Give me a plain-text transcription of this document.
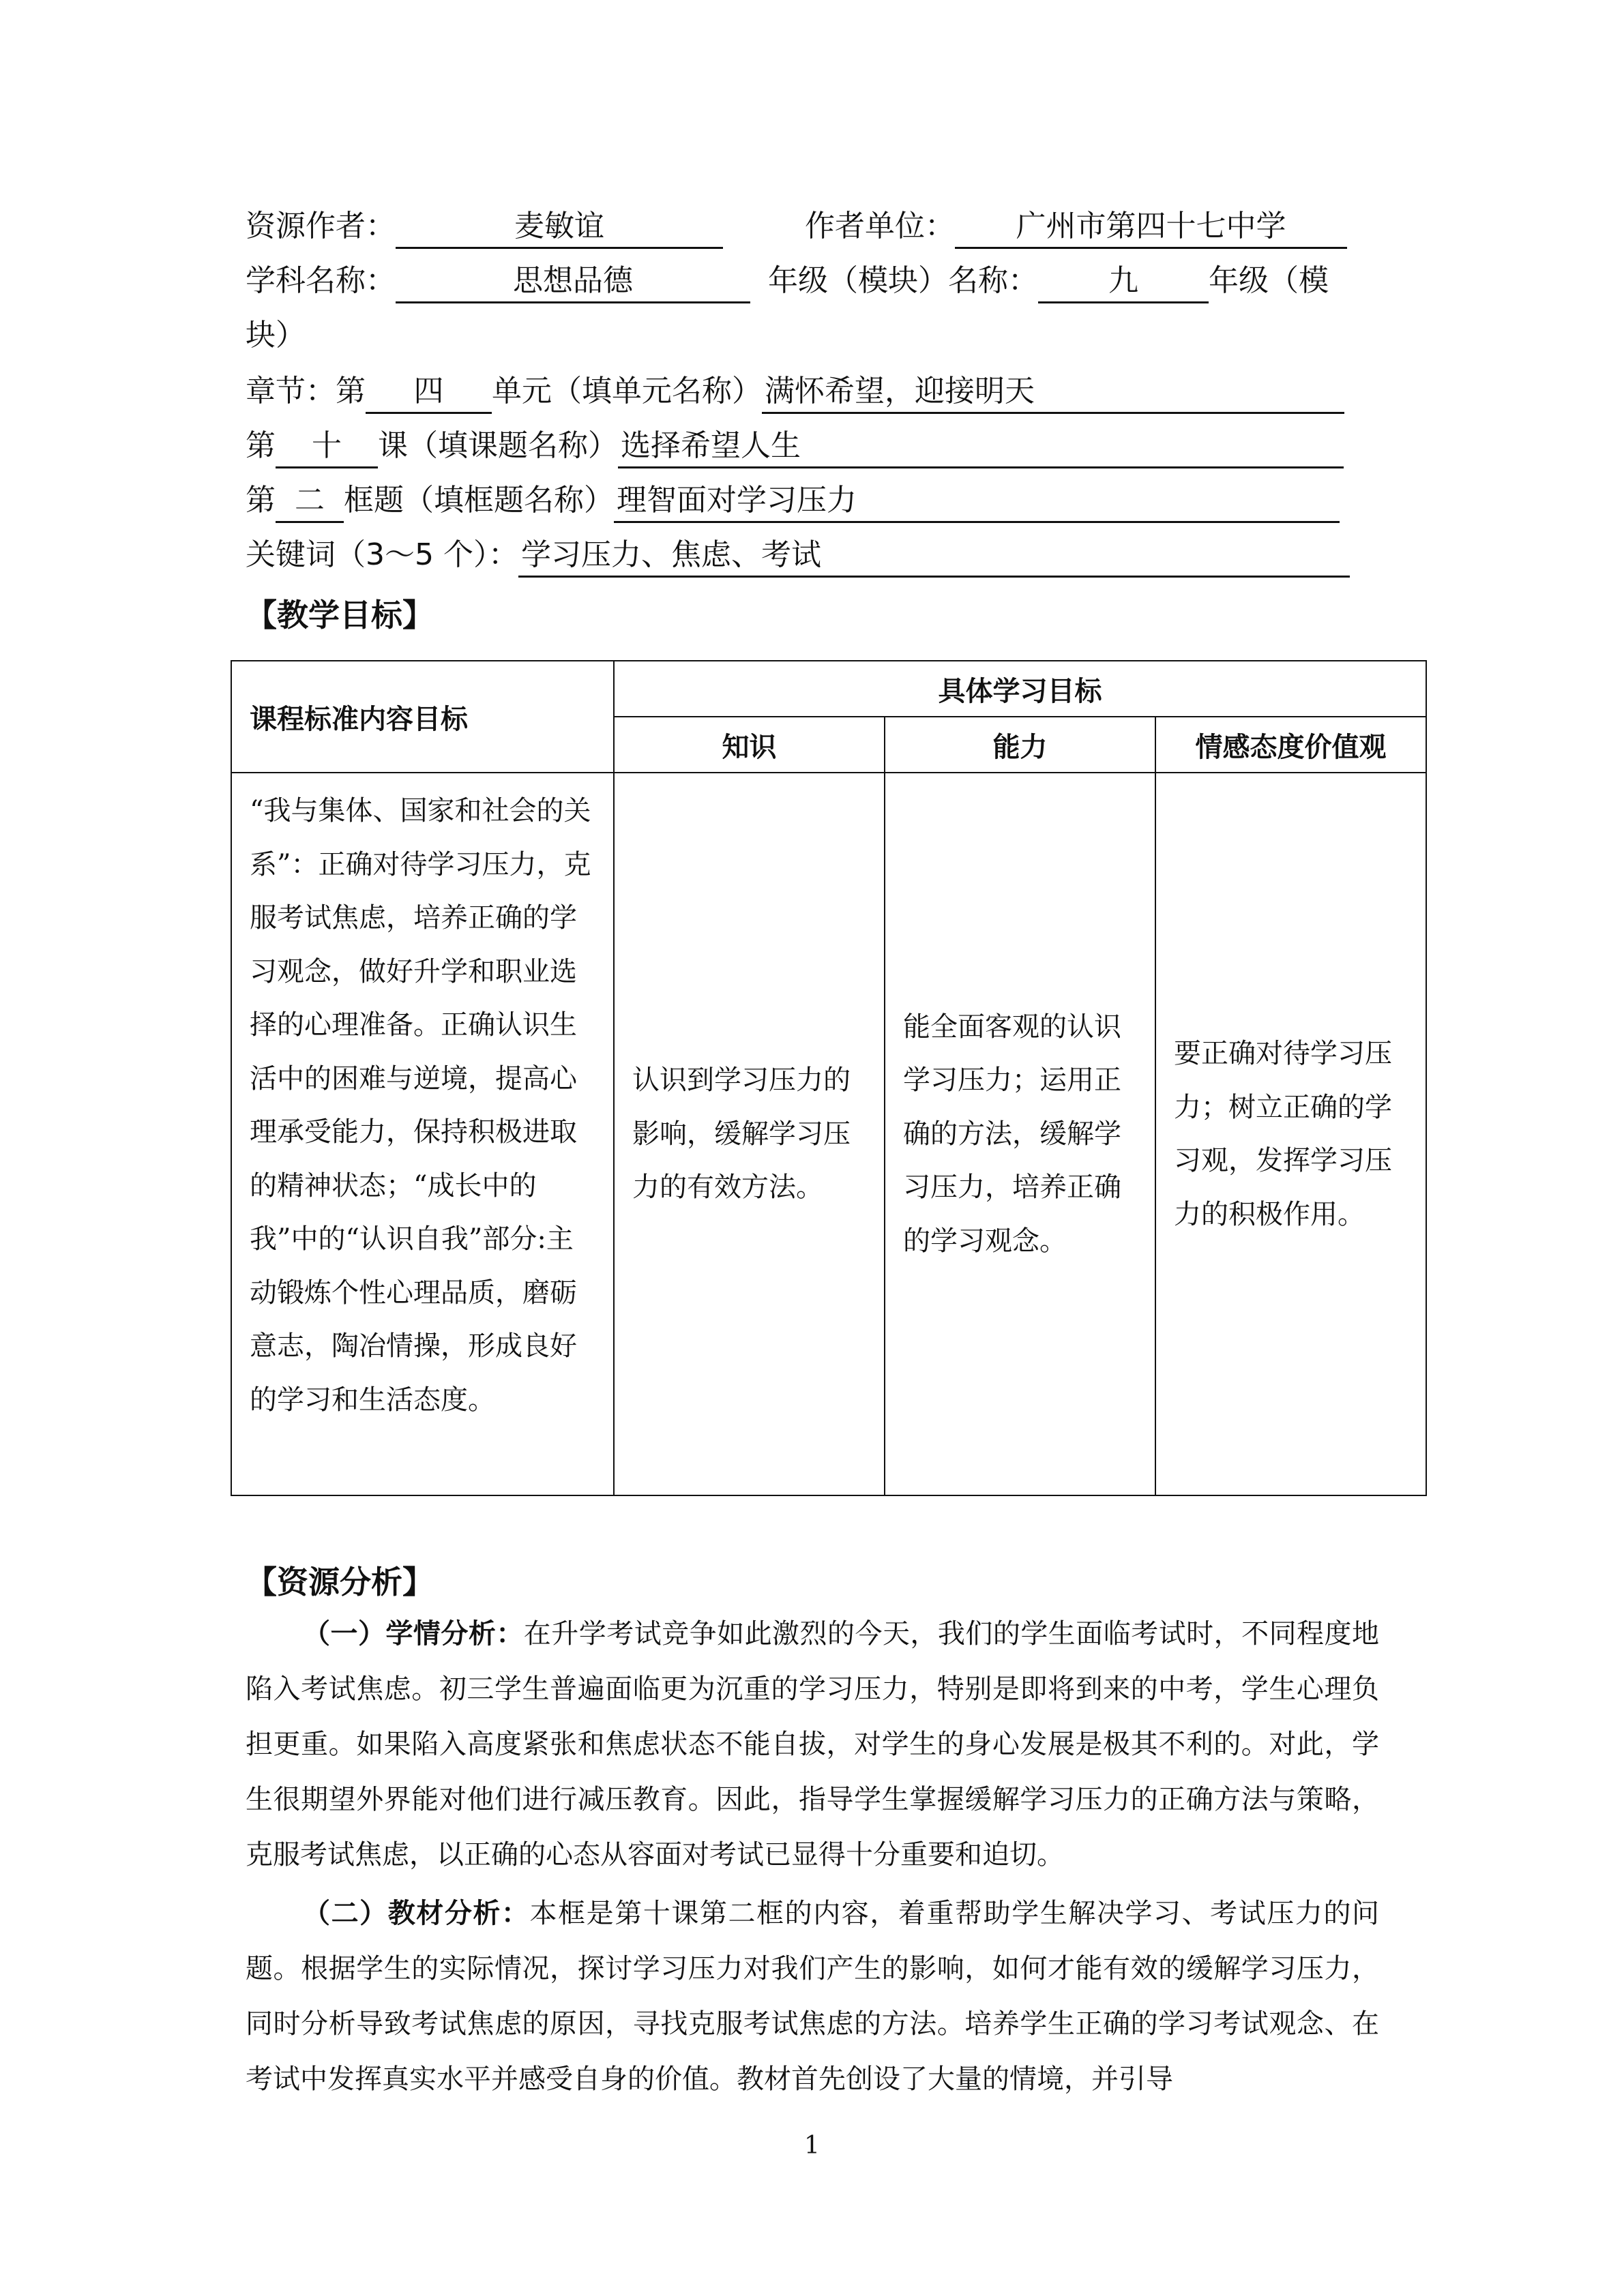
资源作者：	麦敏谊	作者单位： 广州市第四十七中学
学科名称：	思想品德	年级（模块）名称： 九 年级（模
块）
章节：第 四 单元（填单元名称）满怀希望，迎接明天
第 十 课（填课题名称）选择希望人生
第 二 框题（填框题名称）理智面对学习压力
关键词（3～5 个）：学习压力、焦虑、考试
【教学目标】
课程标准内容目标	具体学习目标		
	知识	能力	情感态度价值观
“我与集体、国家和社会的关系”：正确对待学习压力，克服考试焦虑，培养正确的学习观念，做好升学和职业选择的心理准备。正确认识生活中的困难与逆境，提高心理承受能力，保持积极进取的精神状态；“成长中的我”中的“认识自我”部分:主动锻炼个性心理品质，磨砺意志，陶冶情操，形成良好的学习和生活态度。	认识到学习压力的影响，缓解学习压力的有效方法。	能全面客观的认识学习压力；运用正确的方法，缓解学习压力，培养正确的学习观念。	要正确对待学习压力；树立正确的学习观，发挥学习压力的积极作用。
【资源分析】
（一）学情分析：在升学考试竞争如此激烈的今天，我们的学生面临考试时，不同程度地陷入考试焦虑。初三学生普遍面临更为沉重的学习压力，特别是即将到来的中考，学生心理负担更重。如果陷入高度紧张和焦虑状态不能自拔，对学生的身心发展是极其不利的。对此，学生很期望外界能对他们进行减压教育。因此，指导学生掌握缓解学习压力的正确方法与策略，克服考试焦虑，以正确的心态从容面对考试已显得十分重要和迫切。
（二）教材分析：本框是第十课第二框的内容，着重帮助学生解决学习、考试压力的问题。根据学生的实际情况，探讨学习压力对我们产生的影响，如何才能有效的缓解学习压力，同时分析导致考试焦虑的原因，寻找克服考试焦虑的方法。培养学生正确的学习考试观念、在考试中发挥真实水平并感受自身的价值。教材首先创设了大量的情境，并引导
1
